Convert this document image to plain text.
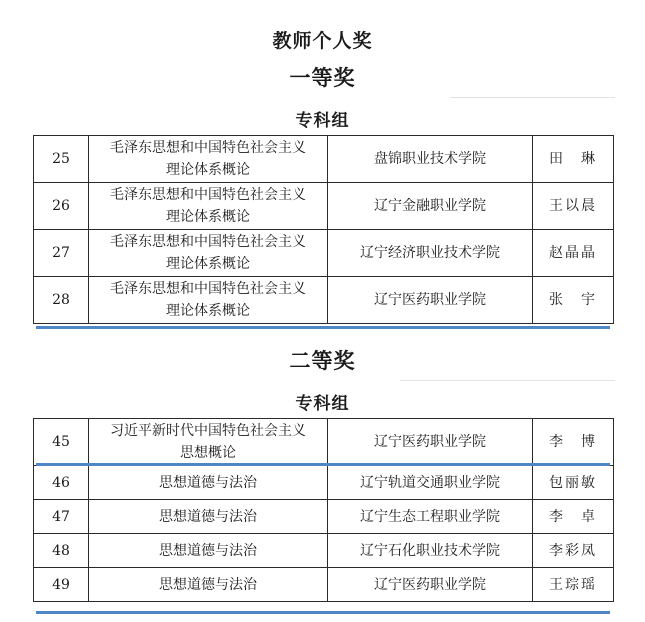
教师个人奖
一等奖
专科组
25	毛泽东思想和中国特色社会主义
理论体系概论	盘锦职业技术学院	田　琳
26	毛泽东思想和中国特色社会主义
理论体系概论	辽宁金融职业学院	王以晨
27	毛泽东思想和中国特色社会主义
理论体系概论	辽宁经济职业技术学院	赵晶晶
28	毛泽东思想和中国特色社会主义
理论体系概论	辽宁医药职业学院	张　宇
二等奖
专科组
45	习近平新时代中国特色社会主义
思想概论	辽宁医药职业学院	李　博
46	思想道德与法治	辽宁轨道交通职业学院	包丽敏
47	思想道德与法治	辽宁生态工程职业学院	李　卓
48	思想道德与法治	辽宁石化职业技术学院	李彩凤
49	思想道德与法治	辽宁医药职业学院	王琮瑶
